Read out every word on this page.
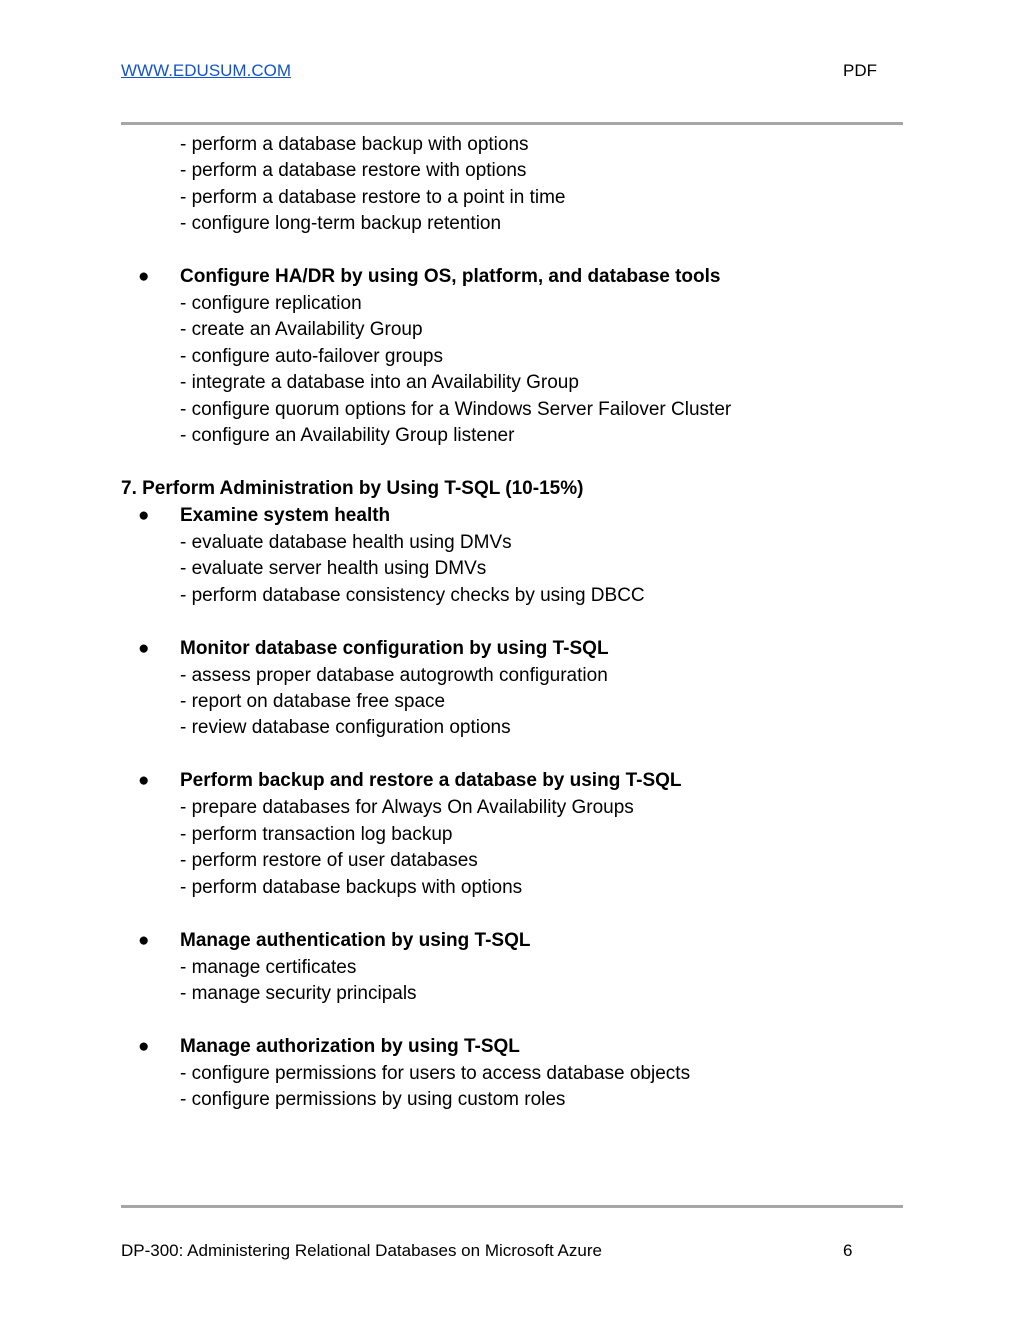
WWW.EDUSUM.COM	PDF
- perform a database backup with options
- perform a database restore with options
- perform a database restore to a point in time
- configure long-term backup retention
● Configure HA/DR by using OS, platform, and database tools
- configure replication
- create an Availability Group
- configure auto-failover groups
- integrate a database into an Availability Group
- configure quorum options for a Windows Server Failover Cluster
- configure an Availability Group listener
7. Perform Administration by Using T-SQL (10-15%)
● Examine system health
- evaluate database health using DMVs
- evaluate server health using DMVs
- perform database consistency checks by using DBCC
● Monitor database configuration by using T-SQL
- assess proper database autogrowth configuration
- report on database free space
- review database configuration options
● Perform backup and restore a database by using T-SQL
- prepare databases for Always On Availability Groups
- perform transaction log backup
- perform restore of user databases
- perform database backups with options
● Manage authentication by using T-SQL
- manage certificates
- manage security principals
● Manage authorization by using T-SQL
- configure permissions for users to access database objects
- configure permissions by using custom roles
DP-300: Administering Relational Databases on Microsoft Azure	6
